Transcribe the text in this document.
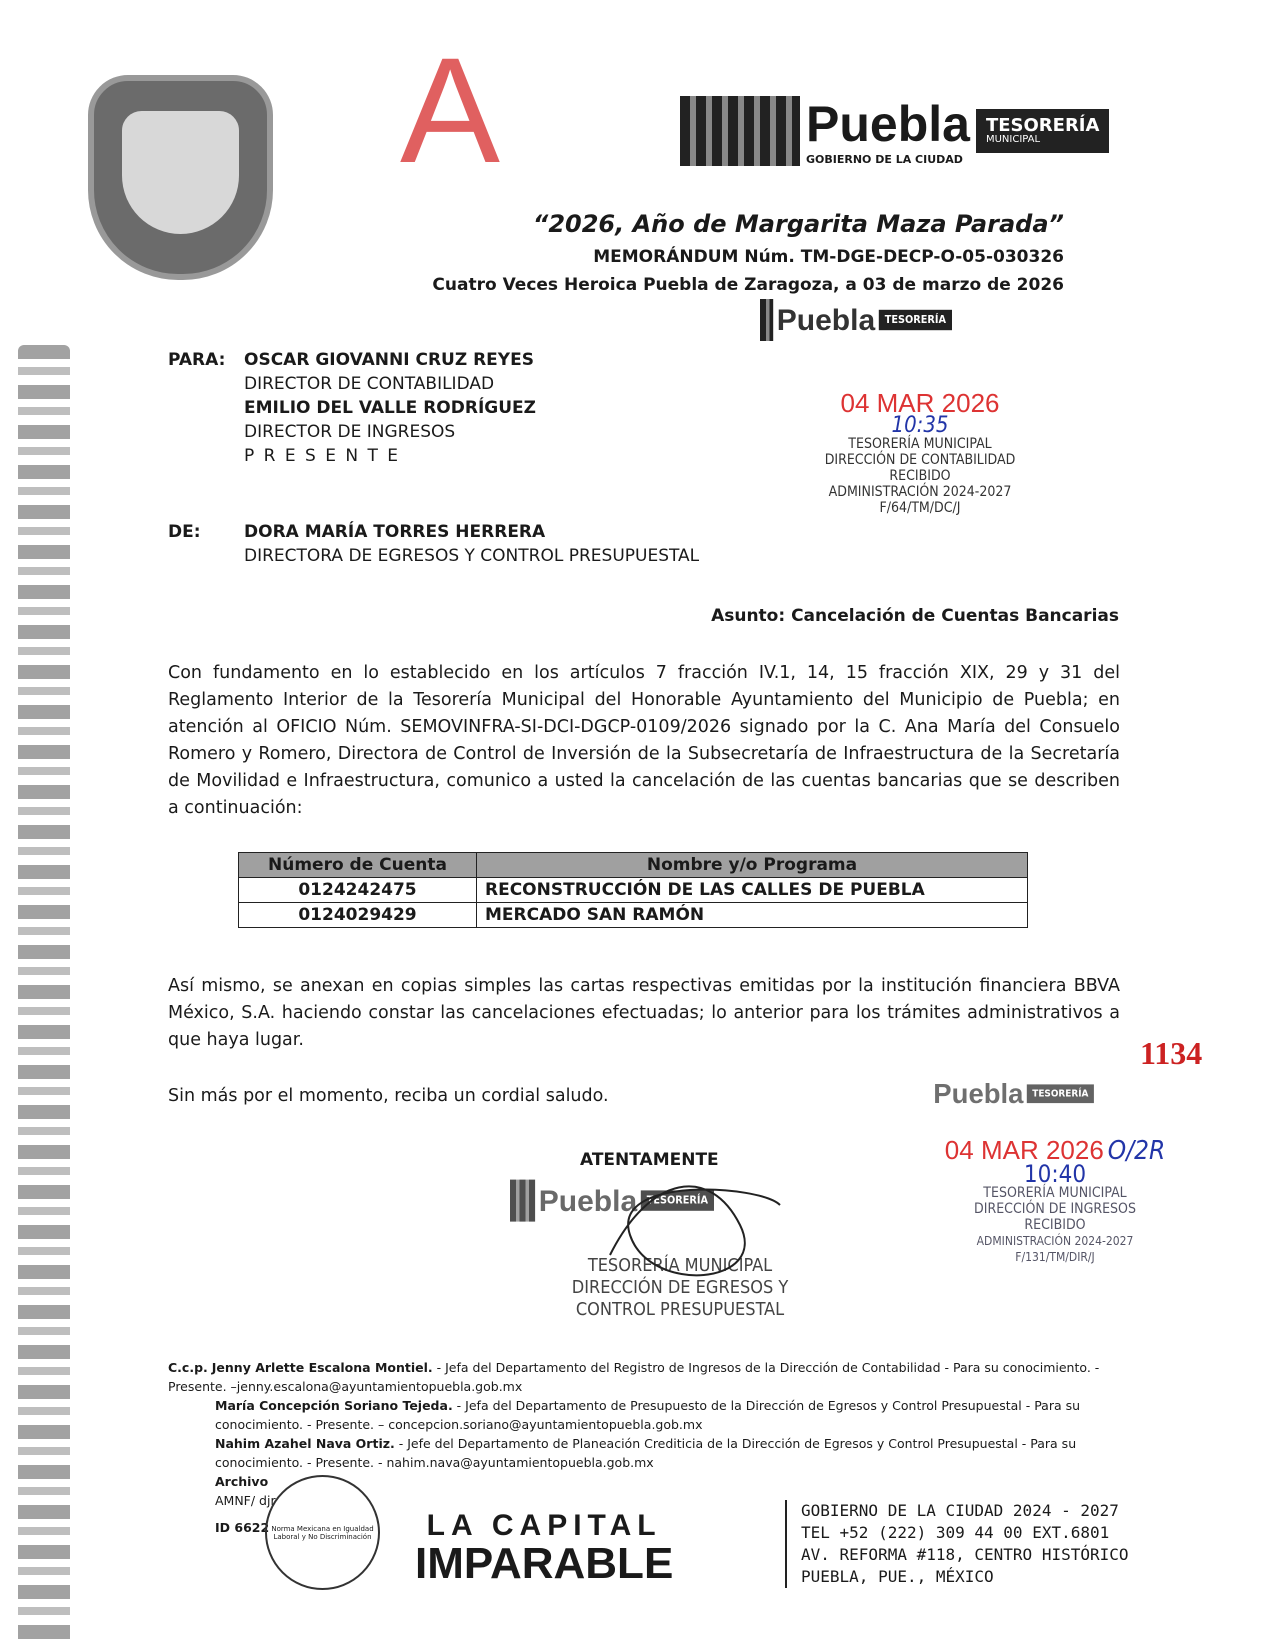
A	Puebla
GOBIERNO DE LA CIUDAD
TESORERÍA
MUNICIPAL
“2026, Año de Margarita Maza Parada”
MEMORÁNDUM Núm. TM-DGE-DECP-O-05-030326
Cuatro Veces Heroica Puebla de Zaragoza, a 03 de marzo de 2026
PARA: OSCAR GIOVANNI CRUZ REYES
DIRECTOR DE CONTABILIDAD
EMILIO DEL VALLE RODRÍGUEZ
DIRECTOR DE INGRESOS
P R E S E N T E
DE:	DORA MARÍA TORRES HERRERA
DIRECTORA DE EGRESOS Y CONTROL PRESUPUESTAL
Puebla TESORERÍA
04 MAR 2026
10:35
TESORERÍA MUNICIPAL
DIRECCIÓN DE CONTABILIDAD
RECIBIDO
ADMINISTRACIÓN 2024-2027
F/64/TM/DC/J
Asunto: Cancelación de Cuentas Bancarias
Con fundamento en lo establecido en los artículos 7 fracción IV.1, 14, 15 fracción XIX, 29 y 31 del Reglamento Interior de la Tesorería Municipal del Honorable Ayuntamiento del Municipio de Puebla; en atención al OFICIO Núm. SEMOVINFRA-SI-DCI-DGCP-0109/2026 signado por la C. Ana María del Consuelo Romero y Romero, Directora de Control de Inversión de la Subsecretaría de Infraestructura de la Secretaría de Movilidad e Infraestructura, comunico a usted la cancelación de las cuentas bancarias que se describen a continuación:
Número de Cuenta	Nombre y/o Programa
0124242475	RECONSTRUCCIÓN DE LAS CALLES DE PUEBLA
0124029429	MERCADO SAN RAMÓN
Así mismo, se anexan en copias simples las cartas respectivas emitidas por la institución financiera BBVA México, S.A. haciendo constar las cancelaciones efectuadas; lo anterior para los trámites administrativos a que haya lugar.
Sin más por el momento, reciba un cordial saludo.
1134
Puebla TESORERÍA
04 MAR 2026 O/2R
10:40
TESORERÍA MUNICIPAL
DIRECCIÓN DE INGRESOS
RECIBIDO
ADMINISTRACIÓN 2024-2027
F/131/TM/DIR/J
ATENTAMENTE
Puebla TESORERÍA
TESORERÍA MUNICIPAL
DIRECCIÓN DE EGRESOS Y
CONTROL PRESUPUESTAL
C.c.p. Jenny Arlette Escalona Montiel. - Jefa del Departamento del Registro de Ingresos de la Dirección de Contabilidad - Para su conocimiento. - Presente. –jenny.escalona@ayuntamientopuebla.gob.mx
María Concepción Soriano Tejeda. - Jefa del Departamento de Presupuesto de la Dirección de Egresos y Control Presupuestal - Para su conocimiento. - Presente. – concepcion.soriano@ayuntamientopuebla.gob.mx
Nahim Azahel Nava Ortiz. - Jefe del Departamento de Planeación Crediticia de la Dirección de Egresos y Control Presupuestal - Para su conocimiento. - Presente. - nahim.nava@ayuntamientopuebla.gob.mx
Archivo
AMNF/ djr
ID 6622 Norma Mexicana en Igualdad Laboral y No Discriminación	LA CAPITAL
IMPARABLE
GOBIERNO DE LA CIUDAD 2024 - 2027
TEL +52 (222) 309 44 00 EXT.6801
AV. REFORMA #118, CENTRO HISTÓRICO
PUEBLA, PUE., MÉXICO
